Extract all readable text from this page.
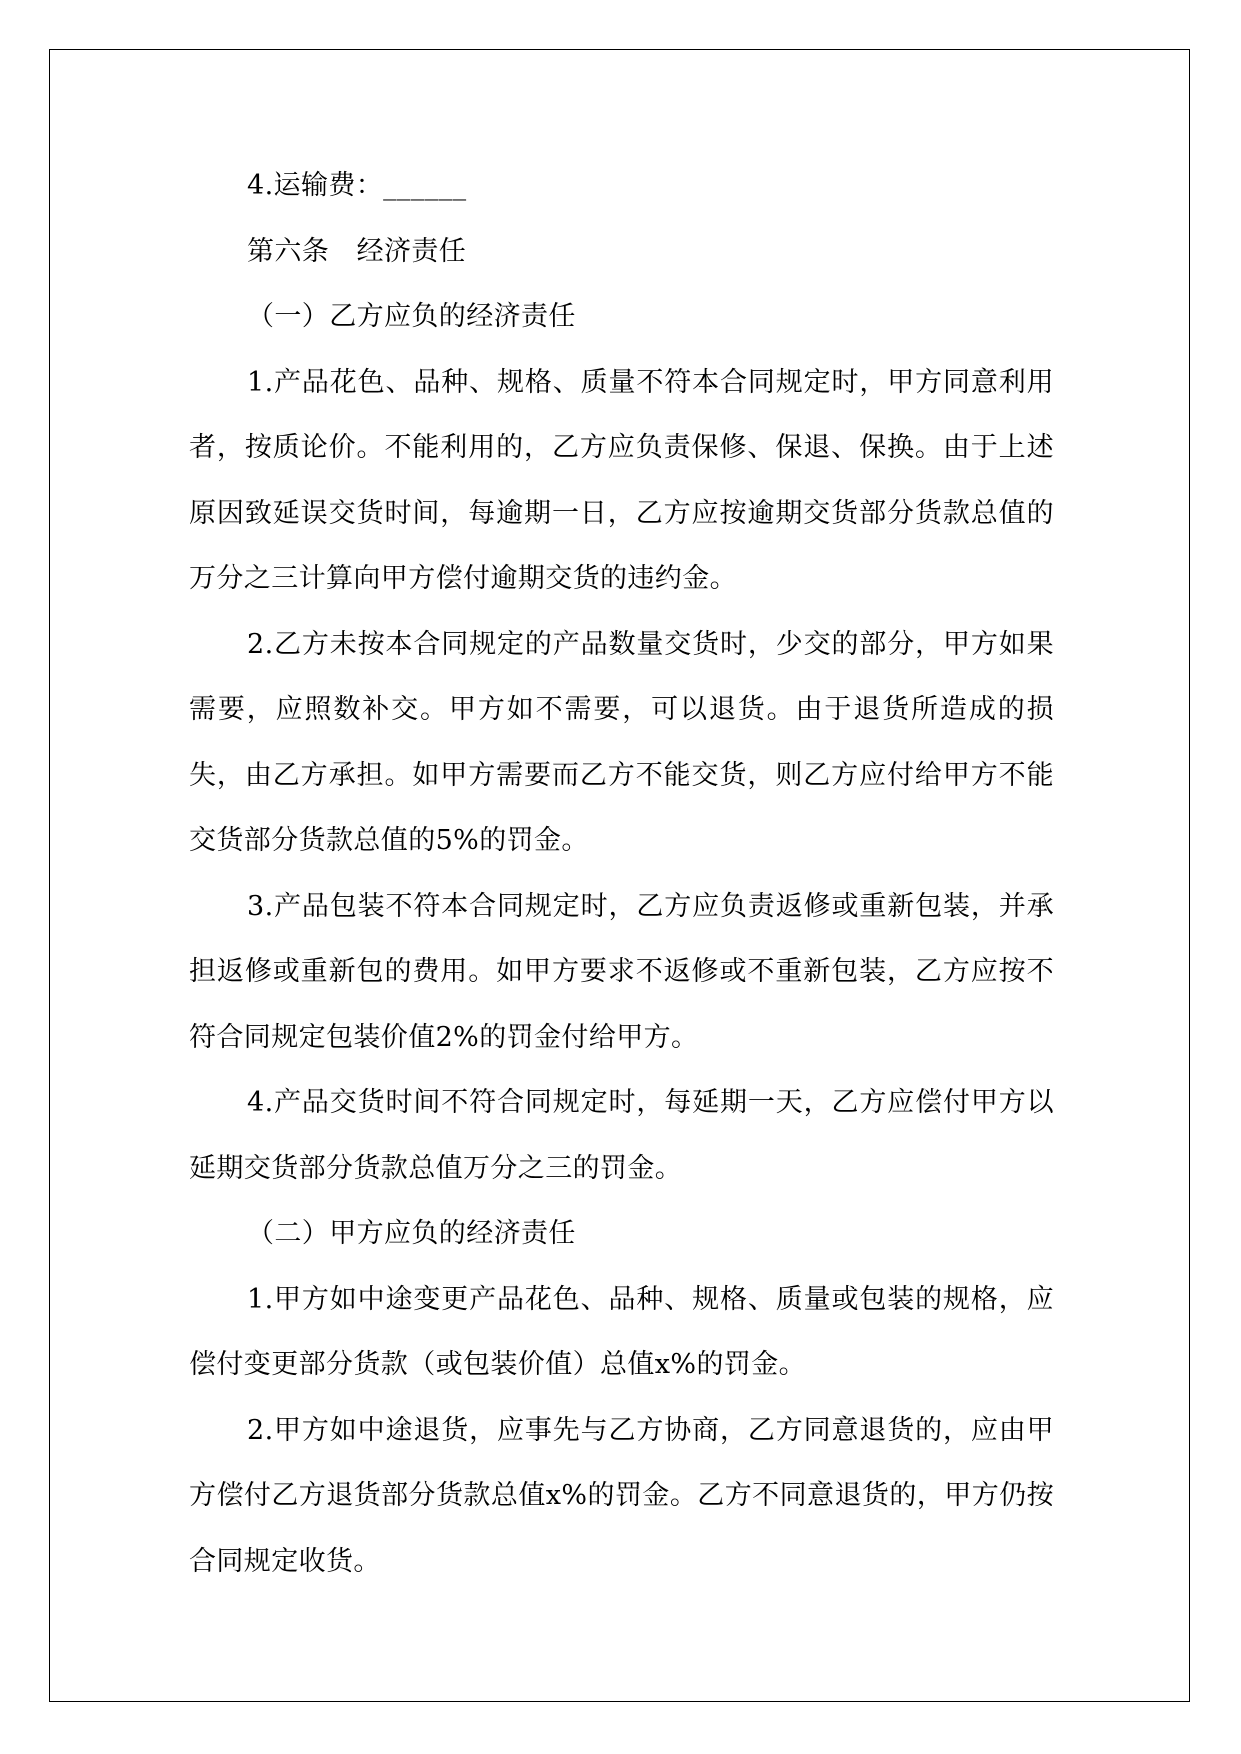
4.运输费：______

第六条　经济责任

（一）乙方应负的经济责任

1.产品花色、品种、规格、质量不符本合同规定时，甲方同意利用者，按质论价。不能利用的，乙方应负责保修、保退、保换。由于上述原因致延误交货时间，每逾期一日，乙方应按逾期交货部分货款总值的万分之三计算向甲方偿付逾期交货的违约金。

2.乙方未按本合同规定的产品数量交货时，少交的部分，甲方如果需要，应照数补交。甲方如不需要，可以退货。由于退货所造成的损失，由乙方承担。如甲方需要而乙方不能交货，则乙方应付给甲方不能交货部分货款总值的5%的罚金。

3.产品包装不符本合同规定时，乙方应负责返修或重新包装，并承担返修或重新包的费用。如甲方要求不返修或不重新包装，乙方应按不符合同规定包装价值2%的罚金付给甲方。

4.产品交货时间不符合同规定时，每延期一天，乙方应偿付甲方以延期交货部分货款总值万分之三的罚金。

（二）甲方应负的经济责任

1.甲方如中途变更产品花色、品种、规格、质量或包装的规格，应偿付变更部分货款（或包装价值）总值x%的罚金。

2.甲方如中途退货，应事先与乙方协商，乙方同意退货的，应由甲方偿付乙方退货部分货款总值x%的罚金。乙方不同意退货的，甲方仍按合同规定收货。
